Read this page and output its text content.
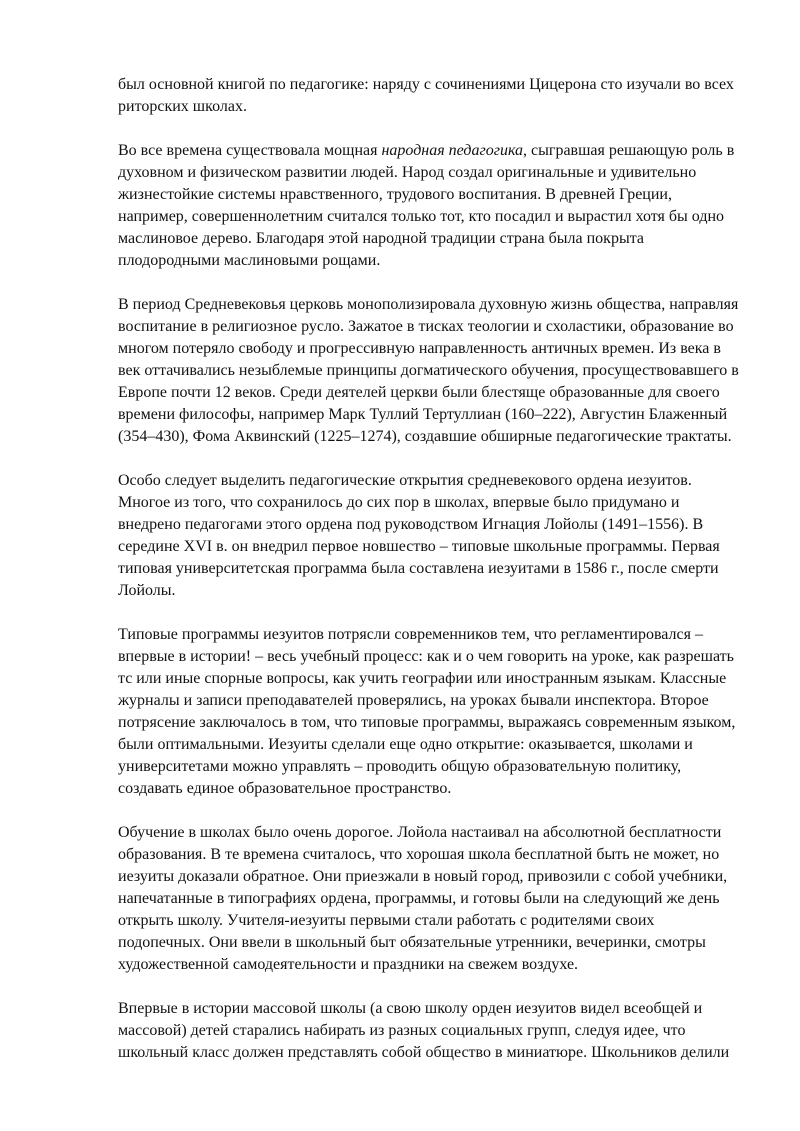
был основной книгой по педагогике: наряду с сочинениями Цицерона сто изучали во всех риторских школах.

Во все времена существовала мощная народная педагогика, сыгравшая решающую роль в духовном и физическом развитии людей. Народ создал оригинальные и удивительно жизнестойкие системы нравственного, трудового воспитания. В древней Греции, например, совершеннолетним считался только тот, кто посадил и вырастил хотя бы одно маслиновое дерево. Благодаря этой народной традиции страна была покрыта плодородными маслиновыми рощами.

В период Средневековья церковь монополизировала духовную жизнь общества, направляя воспитание в религиозное русло. Зажатое в тисках теологии и схоластики, образование во многом потеряло свободу и прогрессивную направленность античных времен. Из века в век оттачивались незыблемые принципы догматического обучения, просуществовавшего в Европе почти 12 веков. Среди деятелей церкви были блестяще образованные для своего времени философы, например Марк Туллий Тертуллиан (160–222), Августин Блаженный (354–430), Фома Аквинский (1225–1274), создавшие обширные педагогические трактаты.

Особо следует выделить педагогические открытия средневекового ордена иезуитов. Многое из того, что сохранилось до сих пор в школах, впервые было придумано и внедрено педагогами этого ордена под руководством Игнация Лойолы (1491–1556). В середине XVI в. он внедрил первое новшество – типовые школьные программы. Первая типовая университетская программа была составлена иезуитами в 1586 г., после смерти Лойолы.

Типовые программы иезуитов потрясли современников тем, что регламентировался – впервые в истории! – весь учебный процесс: как и о чем говорить на уроке, как разрешать тс или иные спорные вопросы, как учить географии или иностранным языкам. Классные журналы и записи преподавателей проверялись, на уроках бывали инспектора. Второе потрясение заключалось в том, что типовые программы, выражаясь современным языком, были оптимальными. Иезуиты сделали еще одно открытие: оказывается, школами и университетами можно управлять – проводить общую образовательную политику, создавать единое образовательное пространство.

Обучение в школах было очень дорогое. Лойола настаивал на абсолютной бесплатности образования. В те времена считалось, что хорошая школа бесплатной быть не может, но иезуиты доказали обратное. Они приезжали в новый город, привозили с собой учебники, напечатанные в типографиях ордена, программы, и готовы были на следующий же день открыть школу. Учителя-иезуиты первыми стали работать с родителями своих подопечных. Они ввели в школьный быт обязательные утренники, вечеринки, смотры художественной самодеятельности и праздники на свежем воздухе.

Впервые в истории массовой школы (а свою школу орден иезуитов видел всеобщей и массовой) детей старались набирать из разных социальных групп, следуя идее, что школьный класс должен представлять собой общество в миниатюре. Школьников делили
